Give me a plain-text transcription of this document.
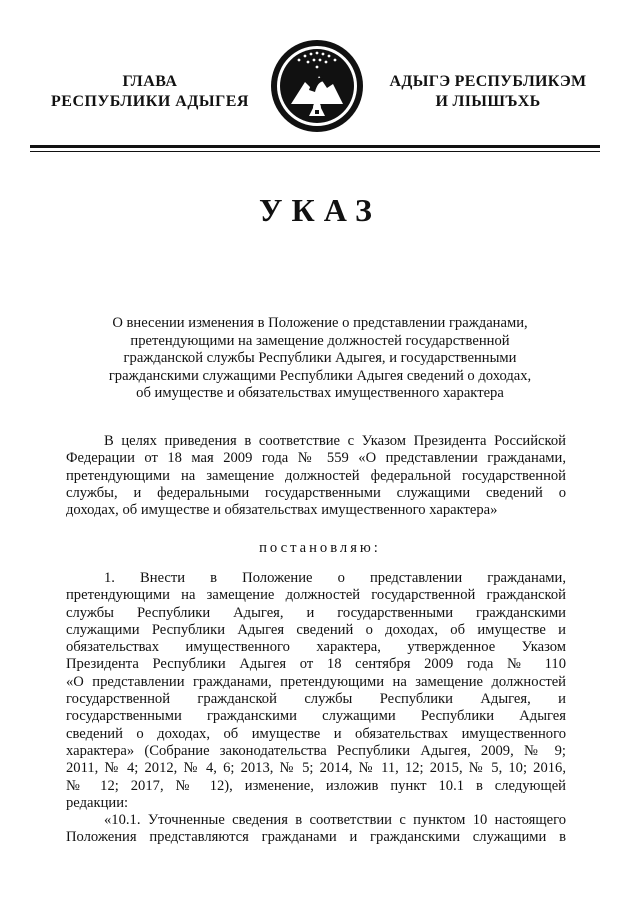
ГЛАВА
РЕСПУБЛИКИ АДЫГЕЯ
АДЫГЭ РЕСПУБЛИКЭМ
И ЛІЫШЪХЬ
УКАЗ
О внесении изменения в Положение о представлении гражданами,
претендующими на замещение должностей государственной
гражданской службы Республики Адыгея, и государственными
гражданскими служащими Республики Адыгея сведений о доходах,
об имуществе и обязательствах имущественного характера

В целях приведения в соответствие с Указом Президента Российской

Федерации от 18 мая 2009 года № 559 «О представлении гражданами,

претендующими на замещение должностей федеральной государственной

службы, и федеральными государственными служащими сведений о

доходах, об имуществе и обязательствах имущественного характера»

постановляю:

1. Внести в Положение о представлении гражданами,

претендующими на замещение должностей государственной гражданской

службы Республики Адыгея, и государственными гражданскими

служащими Республики Адыгея сведений о доходах, об имуществе и

обязательствах имущественного характера, утвержденное Указом

Президента Республики Адыгея от 18 сентября 2009 года № 110

«О представлении гражданами, претендующими на замещение должностей

государственной гражданской службы Республики Адыгея, и

государственными гражданскими служащими Республики Адыгея

сведений о доходах, об имуществе и обязательствах имущественного

характера» (Собрание законодательства Республики Адыгея, 2009, № 9;

2011, № 4; 2012, № 4, 6; 2013, № 5; 2014, № 11, 12; 2015, № 5, 10; 2016,

№ 12; 2017, № 12), изменение, изложив пункт 10.1 в следующей

редакции:

«10.1. Уточненные сведения в соответствии с пунктом 10 настоящего

Положения представляются гражданами и гражданскими служащими в
